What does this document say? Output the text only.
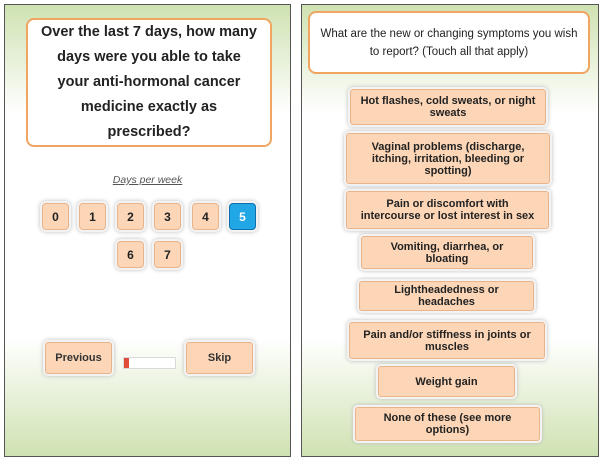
Over the last 7 days, how many days were you able to take your anti-hormonal cancer medicine exactly as prescribed?
Days per week
0	1	2	3	4	5
6	7
Previous	Skip
What are the new or changing symptoms you wish to report? (Touch all that apply)
Hot flashes, cold sweats, or night sweats
Vaginal problems (discharge, itching, irritation, bleeding or spotting)
Pain or discomfort with intercourse or lost interest in sex
Vomiting, diarrhea, or bloating
Lightheadedness or headaches
Pain and/or stiffness in joints or muscles
Weight gain
None of these (see more options)
